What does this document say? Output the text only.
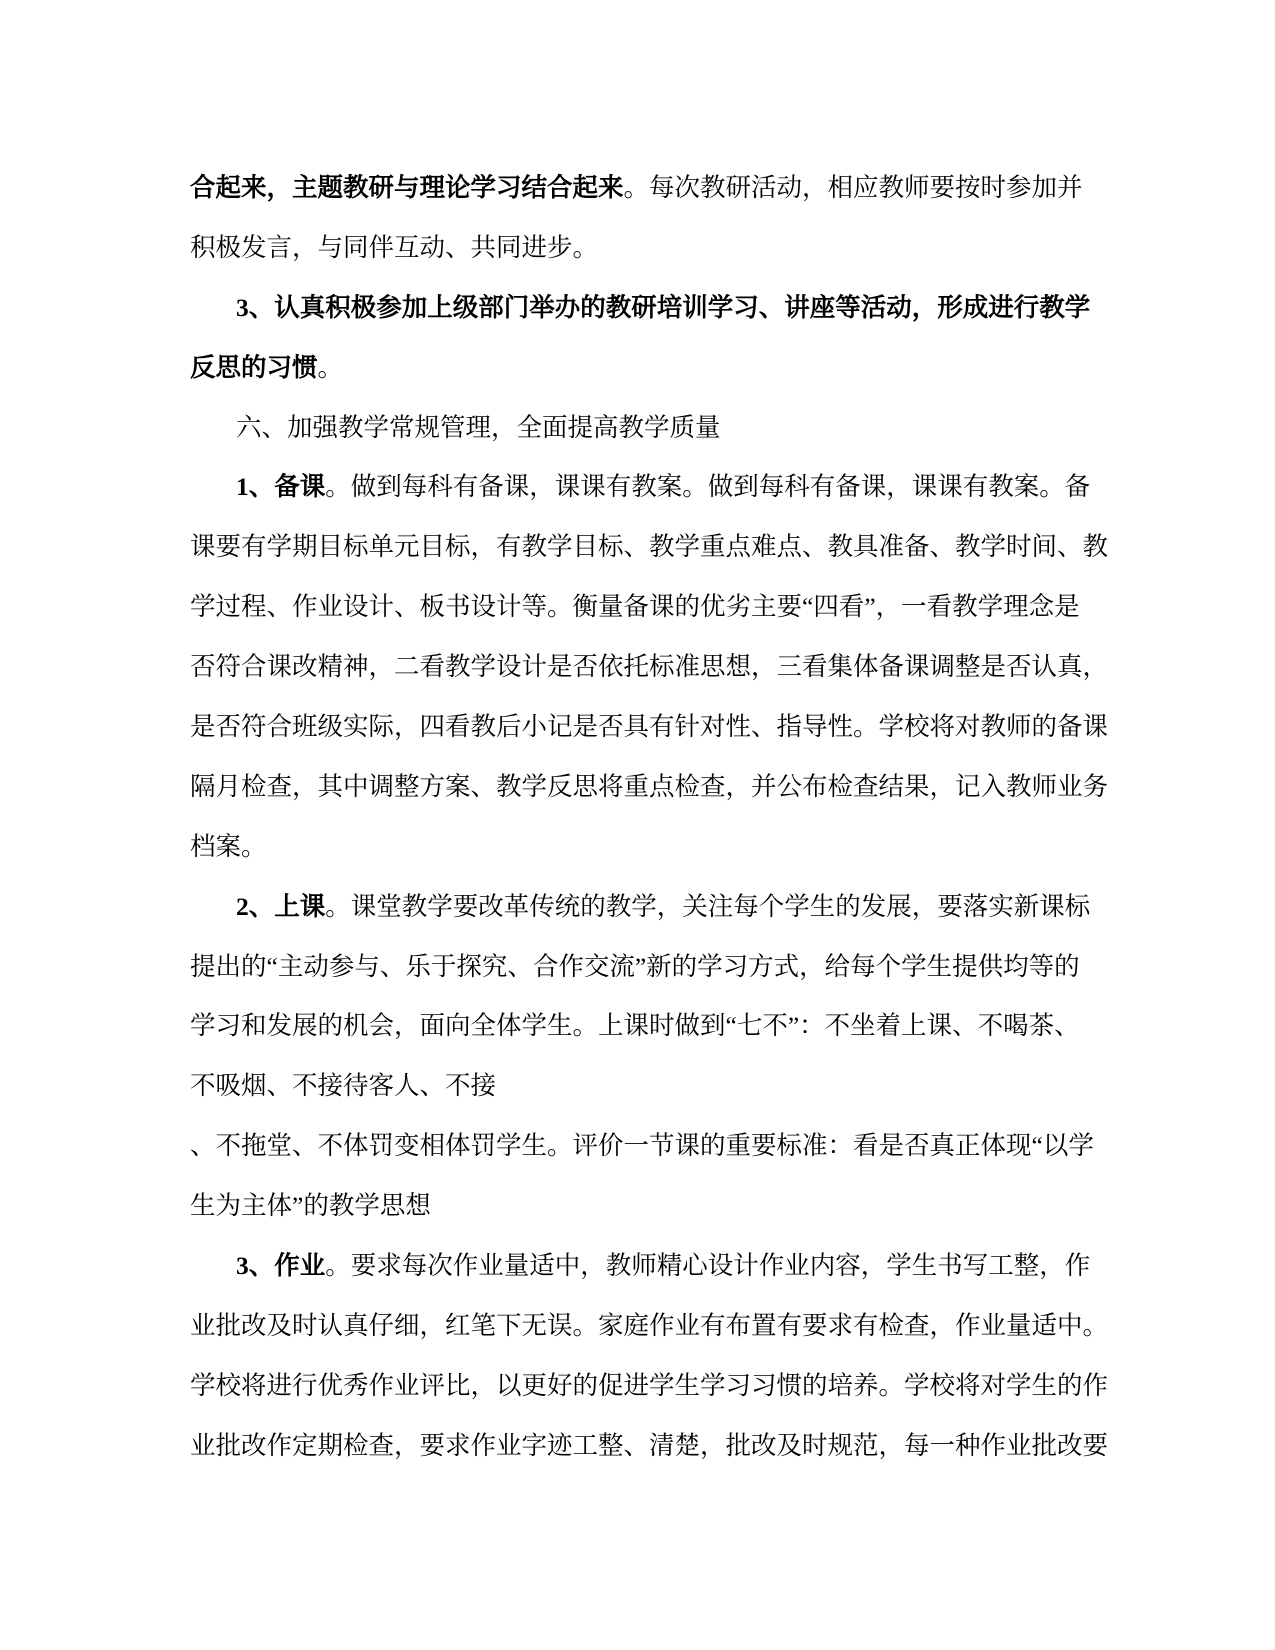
合起来，主题教研与理论学习结合起来。每次教研活动，相应教师要按时参加并
积极发言，与同伴互动、共同进步。
3、认真积极参加上级部门举办的教研培训学习、讲座等活动，形成进行教学
反思的习惯。
六、加强教学常规管理，全面提高教学质量
1、备课。做到每科有备课，课课有教案。做到每科有备课，课课有教案。备
课要有学期目标单元目标，有教学目标、教学重点难点、教具准备、教学时间、教
学过程、作业设计、板书设计等。衡量备课的优劣主要“四看”，一看教学理念是
否符合课改精神，二看教学设计是否依托标准思想，三看集体备课调整是否认真，
是否符合班级实际，四看教后小记是否具有针对性、指导性。学校将对教师的备课
隔月检查，其中调整方案、教学反思将重点检查，并公布检查结果，记入教师业务
档案。
2、上课。课堂教学要改革传统的教学，关注每个学生的发展，要落实新课标
提出的“主动参与、乐于探究、合作交流”新的学习方式，给每个学生提供均等的
学习和发展的机会，面向全体学生。上课时做到“七不”：不坐着上课、不喝茶、
不吸烟、不接待客人、不接
、不拖堂、不体罚变相体罚学生。评价一节课的重要标准：看是否真正体现“以学
生为主体”的教学思想
3、作业。要求每次作业量适中，教师精心设计作业内容，学生书写工整，作
业批改及时认真仔细，红笔下无误。家庭作业有布置有要求有检查，作业量适中。
学校将进行优秀作业评比，以更好的促进学生学习习惯的培养。学校将对学生的作
业批改作定期检查，要求作业字迹工整、清楚，批改及时规范，每一种作业批改要
